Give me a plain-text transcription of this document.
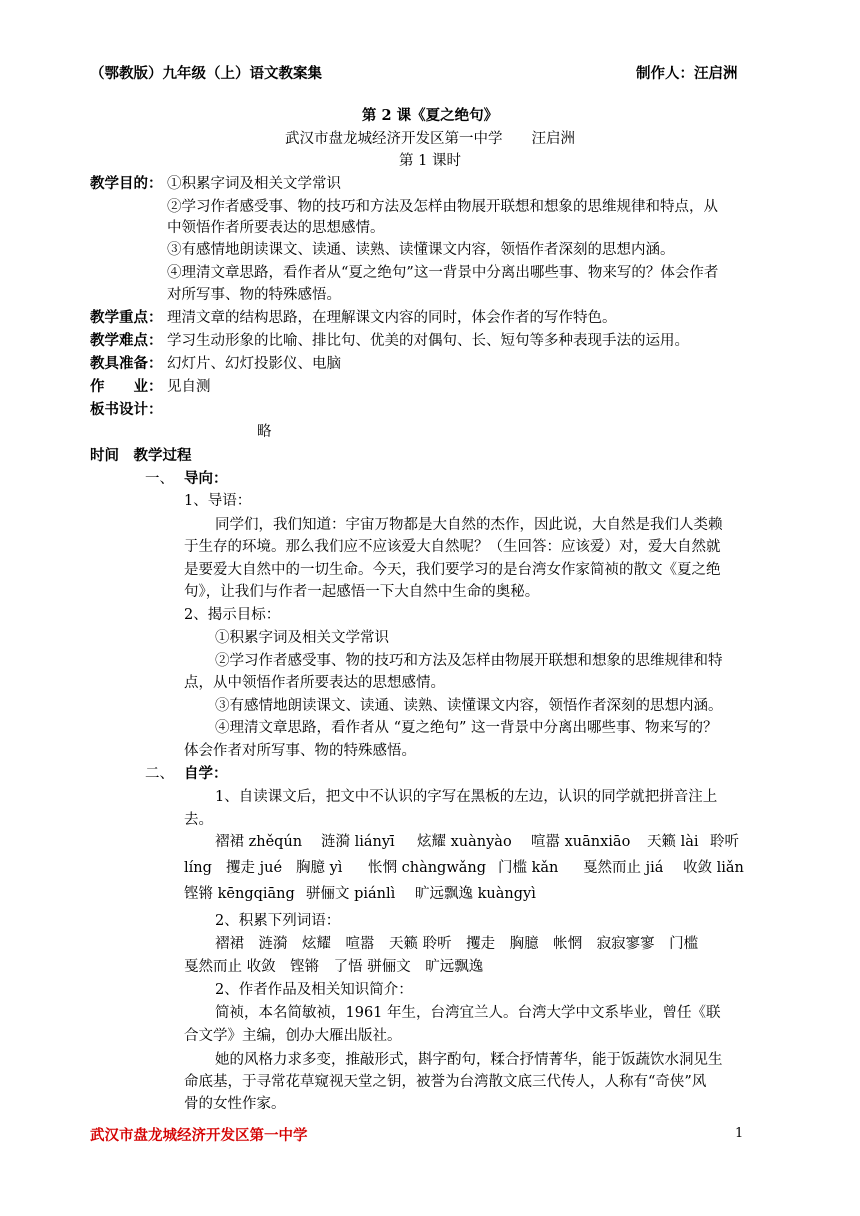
（鄂教版）九年级（上）语文教案集	制作人：汪启洲
第 2 课《夏之绝句》
武汉市盘龙城经济开发区第一中学　　汪启洲
第 1 课时
教学目的： ①积累字词及相关文学常识
②学习作者感受事、物的技巧和方法及怎样由物展开联想和想象的思维规律和特点，从
中领悟作者所要表达的思想感情。
③有感情地朗读课文、读通、读熟、读懂课文内容，领悟作者深刻的思想内涵。
④理清文章思路，看作者从“夏之绝句”这一背景中分离出哪些事、物来写的？体会作者
对所写事、物的特殊感悟。
教学重点： 理清文章的结构思路，在理解课文内容的同时，体会作者的写作特色。
教学难点： 学习生动形象的比喻、排比句、优美的对偶句、长、短句等多种表现手法的运用。
教具准备： 幻灯片、幻灯投影仪、电脑
作　　业： 见自测
板书设计：
略
时间　教学过程
一、 导向：
1、导语：
同学们，我们知道：宇宙万物都是大自然的杰作，因此说，大自然是我们人类赖
于生存的环境。那么我们应不应该爱大自然呢？（生回答：应该爱）对，爱大自然就
是要爱大自然中的一切生命。今天，我们要学习的是台湾女作家简祯的散文《夏之绝
句》，让我们与作者一起感悟一下大自然中生命的奥秘。
2、揭示目标：
①积累字词及相关文学常识
②学习作者感受事、物的技巧和方法及怎样由物展开联想和想象的思维规律和特
点，从中领悟作者所要表达的思想感情。
③有感情地朗读课文、读通、读熟、读懂课文内容，领悟作者深刻的思想内涵。
④理清文章思路，看作者从 “夏之绝句” 这一背景中分离出哪些事、物来写的？
体会作者对所写事、物的特殊感悟。
二、 自学：
1、自读课文后，把文中不认识的字写在黑板的左边，认识的同学就把拼音注上
去。
褶裙 zhěqún 涟漪 liányī 炫耀 xuànyào 喧嚣 xuānxiāo 天籁 lài 聆听
líng 攫走 jué 胸臆 yì 怅惘 chàngwǎng 门槛 kǎn 戛然而止 jiá 收敛 liǎn
铿锵 kēngqiāng 骈俪文 piánlì 旷远飘逸 kuàngyì
2、积累下列词语：
褶裙　涟漪　炫耀　喧嚣　天籁 聆听　攫走　胸臆　帐惘　寂寂寥寥　门槛
戛然而止 收敛　铿锵　了悟 骈俪文　旷远飘逸
2、作者作品及相关知识简介：
简祯，本名简敏祯，1961 年生，台湾宜兰人。台湾大学中文系毕业，曾任《联
合文学》主编，创办大雁出版社。
她的风格力求多变，推敲形式，斟字酌句，糅合抒情菁华，能于饭蔬饮水洞见生
命底基，于寻常花草窥视天堂之钥，被誉为台湾散文底三代传人，人称有“奇侠”风
骨的女性作家。
武汉市盘龙城经济开发区第一中学	1
